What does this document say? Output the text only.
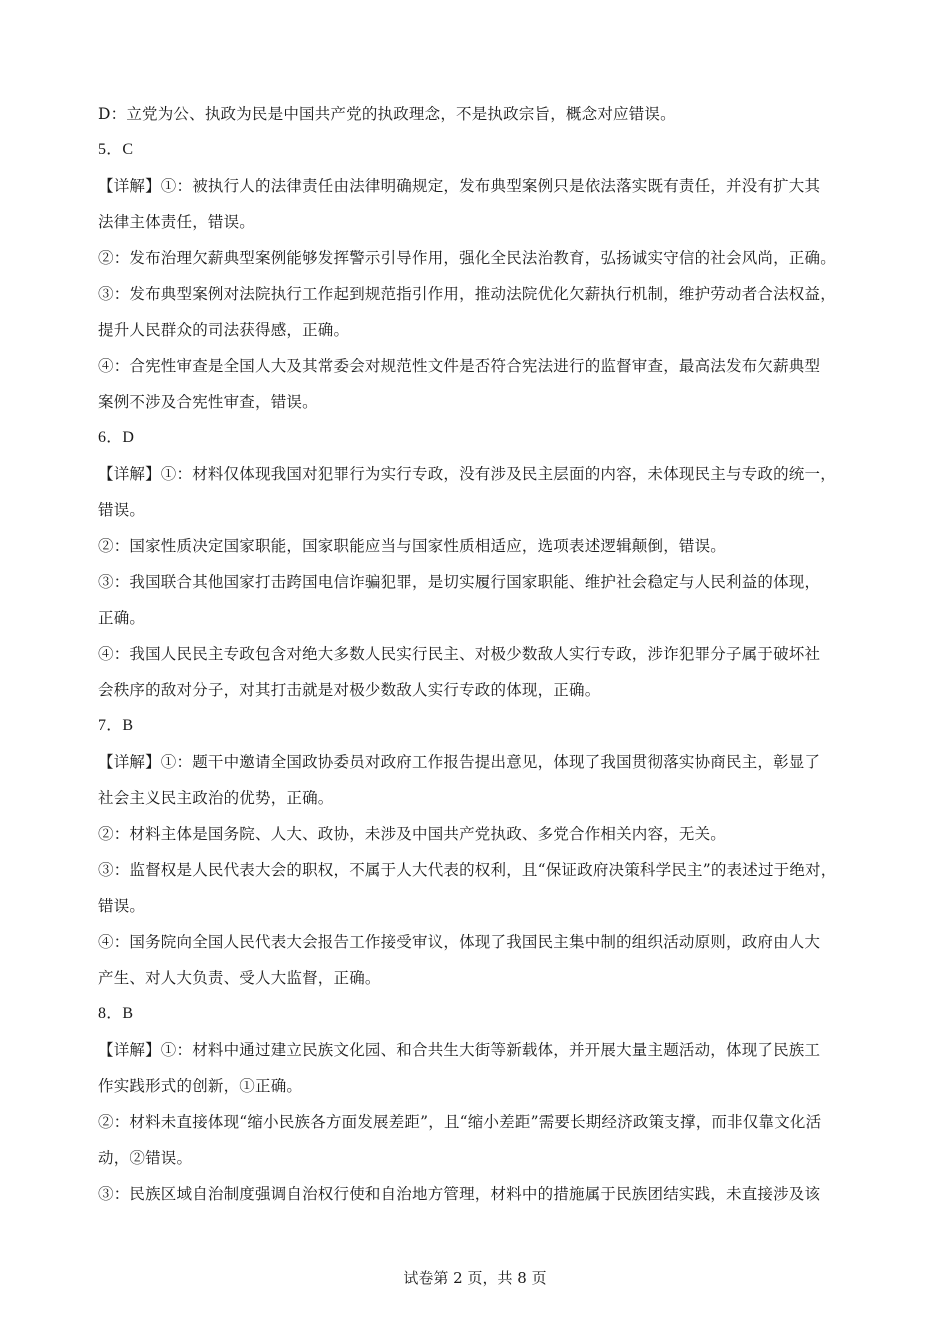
D：立党为公、执政为民是中国共产党的执政理念，不是执政宗旨，概念对应错误。
5．C
【详解】①：被执行人的法律责任由法律明确规定，发布典型案例只是依法落实既有责任，并没有扩大其
法律主体责任，错误。
②：发布治理欠薪典型案例能够发挥警示引导作用，强化全民法治教育，弘扬诚实守信的社会风尚，正确。
③：发布典型案例对法院执行工作起到规范指引作用，推动法院优化欠薪执行机制，维护劳动者合法权益，
提升人民群众的司法获得感，正确。
④：合宪性审查是全国人大及其常委会对规范性文件是否符合宪法进行的监督审查，最高法发布欠薪典型
案例不涉及合宪性审查，错误。
6．D
【详解】①：材料仅体现我国对犯罪行为实行专政，没有涉及民主层面的内容，未体现民主与专政的统一，
错误。
②：国家性质决定国家职能，国家职能应当与国家性质相适应，选项表述逻辑颠倒，错误。
③：我国联合其他国家打击跨国电信诈骗犯罪，是切实履行国家职能、维护社会稳定与人民利益的体现，
正确。
④：我国人民民主专政包含对绝大多数人民实行民主、对极少数敌人实行专政，涉诈犯罪分子属于破坏社
会秩序的敌对分子，对其打击就是对极少数敌人实行专政的体现，正确。
7．B
【详解】①：题干中邀请全国政协委员对政府工作报告提出意见，体现了我国贯彻落实协商民主，彰显了
社会主义民主政治的优势，正确。
②：材料主体是国务院、人大、政协，未涉及中国共产党执政、多党合作相关内容，无关。
③：监督权是人民代表大会的职权，不属于人大代表的权利，且“保证政府决策科学民主”的表述过于绝对，
错误。
④：国务院向全国人民代表大会报告工作接受审议，体现了我国民主集中制的组织活动原则，政府由人大
产生、对人大负责、受人大监督，正确。
8．B
【详解】①：材料中通过建立民族文化园、和合共生大街等新载体，并开展大量主题活动，体现了民族工
作实践形式的创新，①正确。
②：材料未直接体现“缩小民族各方面发展差距”，且“缩小差距”需要长期经济政策支撑，而非仅靠文化活
动，②错误。
③：民族区域自治制度强调自治权行使和自治地方管理，材料中的措施属于民族团结实践，未直接涉及该
试卷第 2 页，共 8 页
